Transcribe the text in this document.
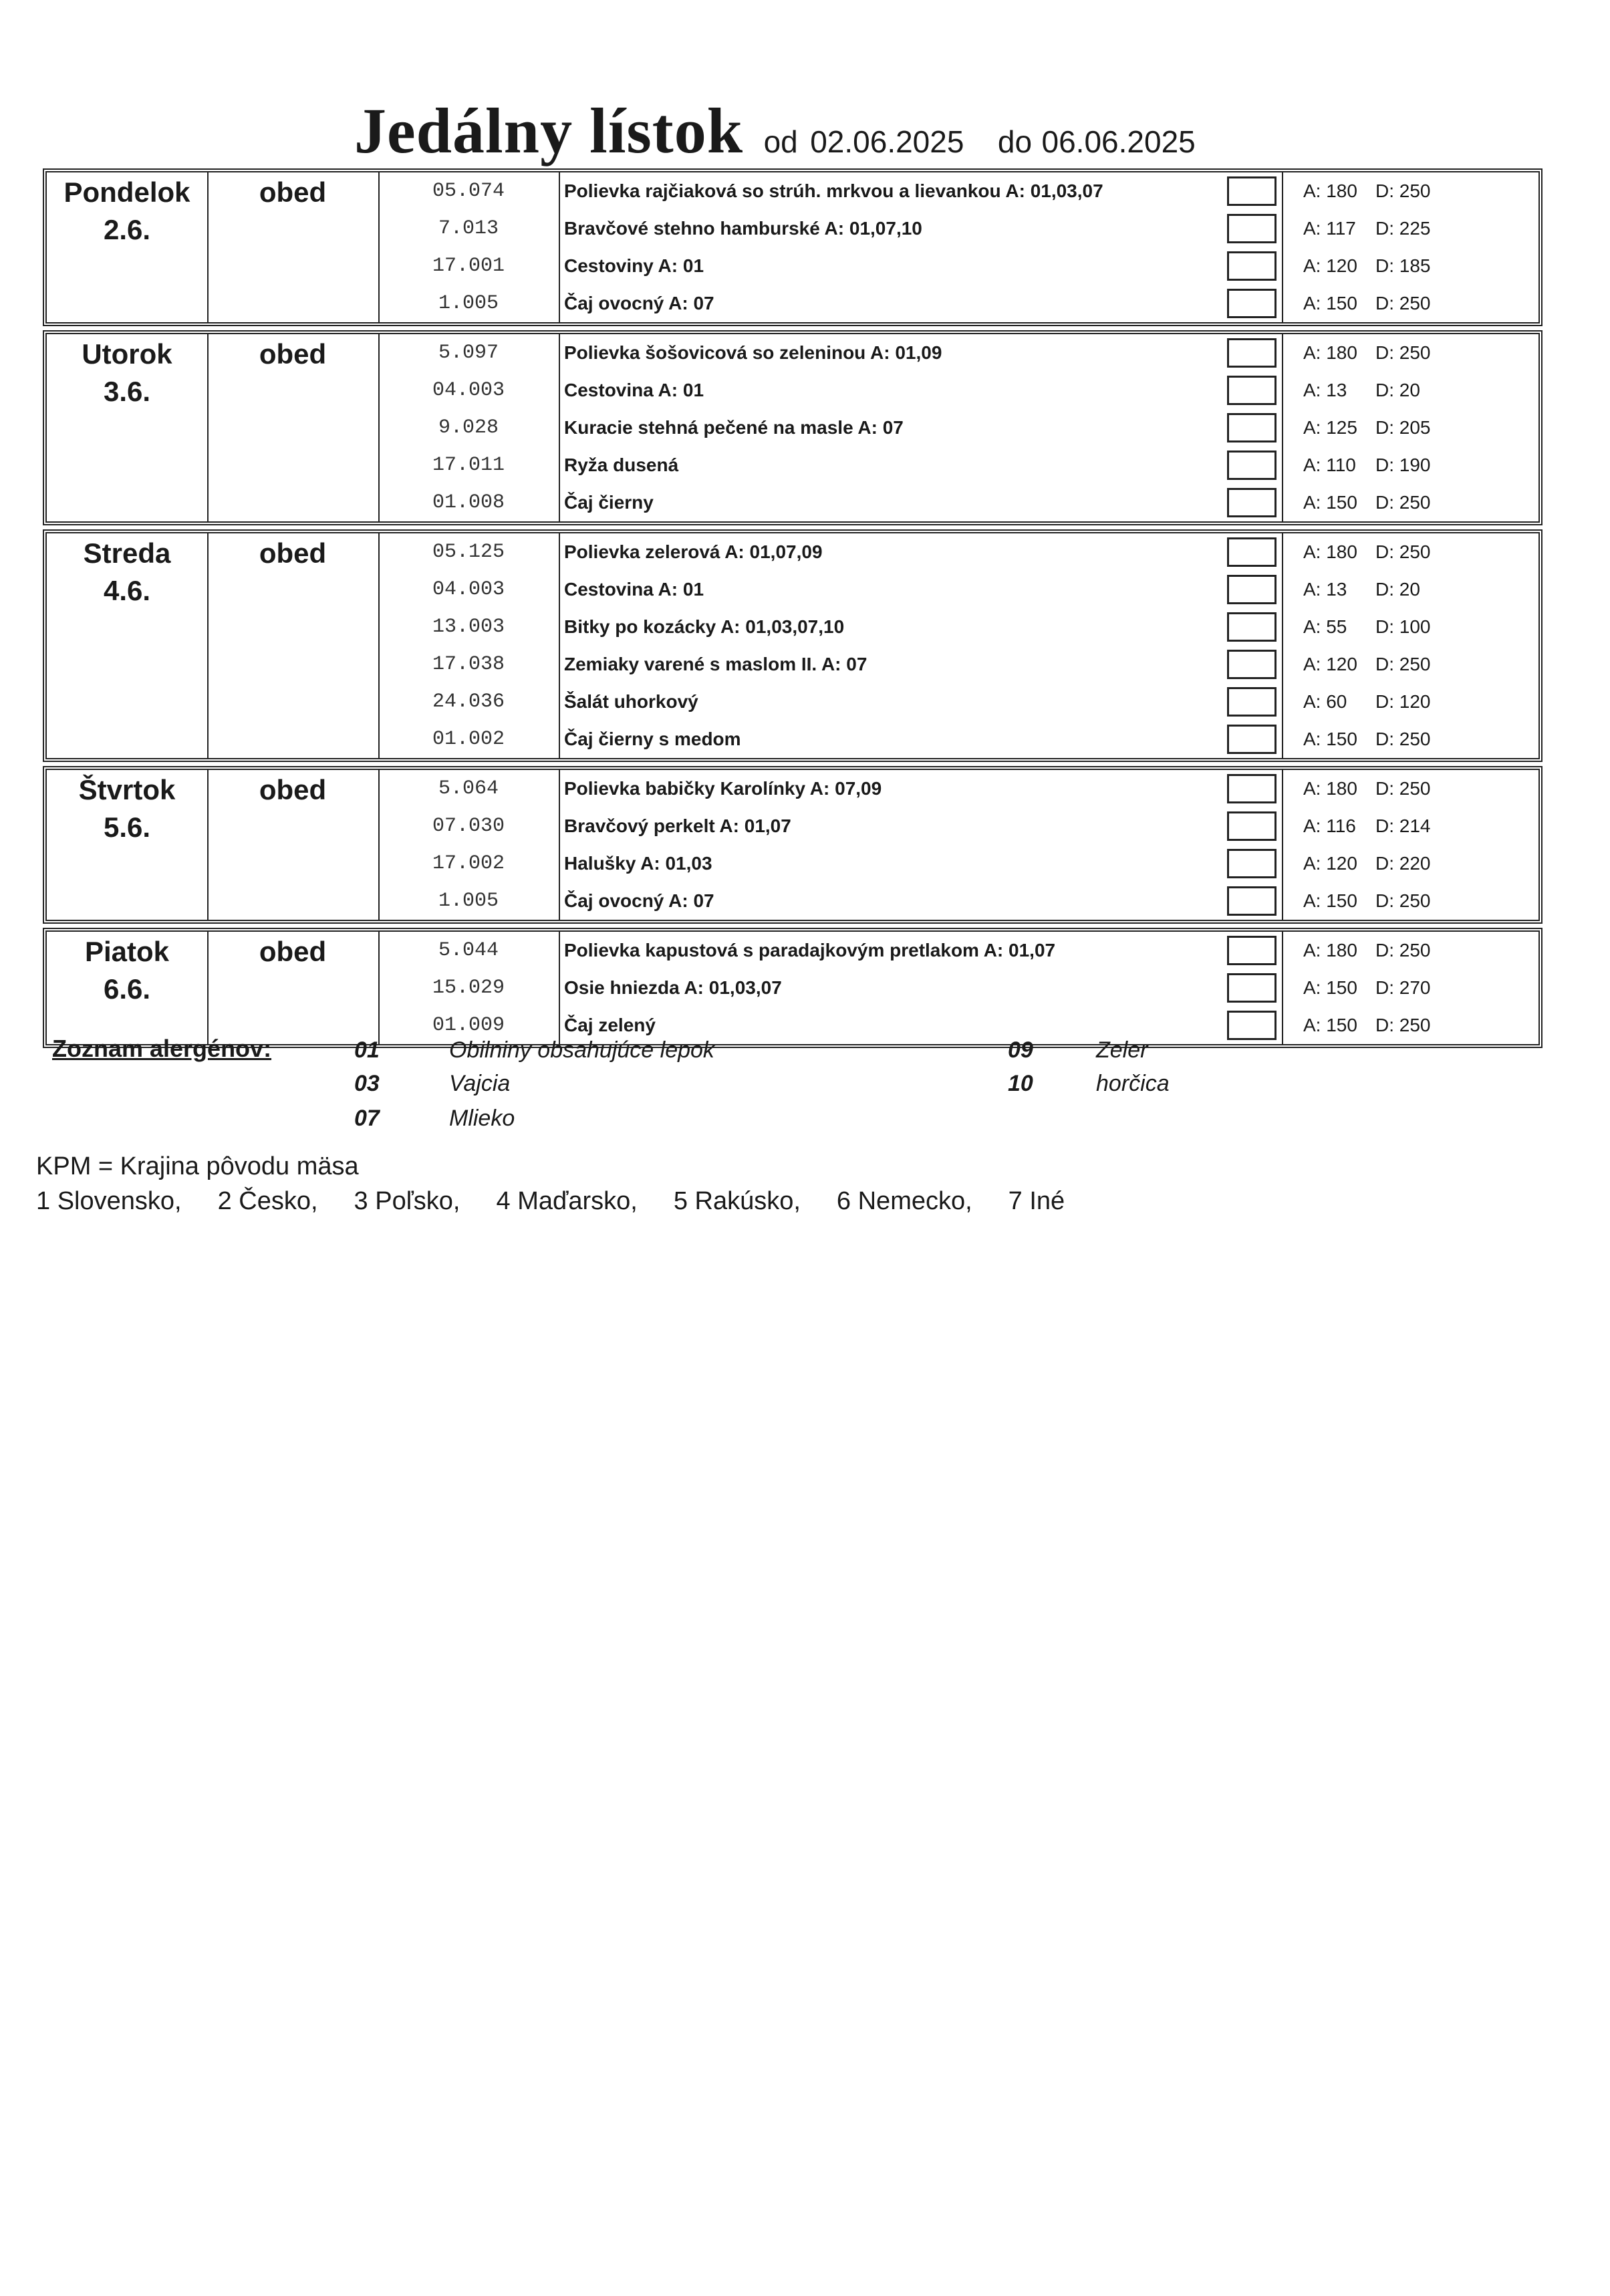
Jedálny lístok od 02.06.2025 do 06.06.2025
Pondelok
2.6.
obed	05.074	Polievka rajčiaková so strúh. mrkvou a lievankou A: 01,03,07	A: 180 D: 250
7.013	Bravčové stehno hamburské A: 01,07,10	A: 117 D: 225
17.001	Cestoviny A: 01	A: 120 D: 185
1.005	Čaj ovocný A: 07	A: 150 D: 250
Utorok
3.6.
obed	5.097	Polievka šošovicová so zeleninou A: 01,09	A: 180 D: 250
04.003	Cestovina A: 01	A: 13 D: 20
9.028	Kuracie stehná pečené na masle A: 07	A: 125 D: 205
17.011	Ryža dusená	A: 110 D: 190
01.008	Čaj čierny	A: 150 D: 250
Streda
4.6.
obed	05.125	Polievka zelerová A: 01,07,09	A: 180 D: 250
04.003	Cestovina A: 01	A: 13 D: 20
13.003	Bitky po kozácky A: 01,03,07,10	A: 55 D: 100
17.038	Zemiaky varené s maslom II. A: 07	A: 120 D: 250
24.036	Šalát uhorkový	A: 60 D: 120
01.002	Čaj čierny s medom	A: 150 D: 250
Štvrtok
5.6.
obed	5.064	Polievka babičky Karolínky A: 07,09	A: 180 D: 250
07.030	Bravčový perkelt A: 01,07	A: 116 D: 214
17.002	Halušky A: 01,03	A: 120 D: 220
1.005	Čaj ovocný A: 07	A: 150 D: 250
Piatok
6.6.
obed	5.044	Polievka kapustová s paradajkovým pretlakom A: 01,07	A: 180 D: 250
15.029	Osie hniezda A: 01,03,07	A: 150 D: 270
01.009	Čaj zelený	A: 150 D: 250
Zoznam alergénov:	01	Obilniny obsahujúce lepok
03	Vajcia
07	Mlieko
09	Zeler
10	horčica
KPM = Krajina pôvodu mäsa
1 Slovensko, 2 Česko, 3 Poľsko, 4 Maďarsko, 5 Rakúsko, 6 Nemecko, 7 Iné
